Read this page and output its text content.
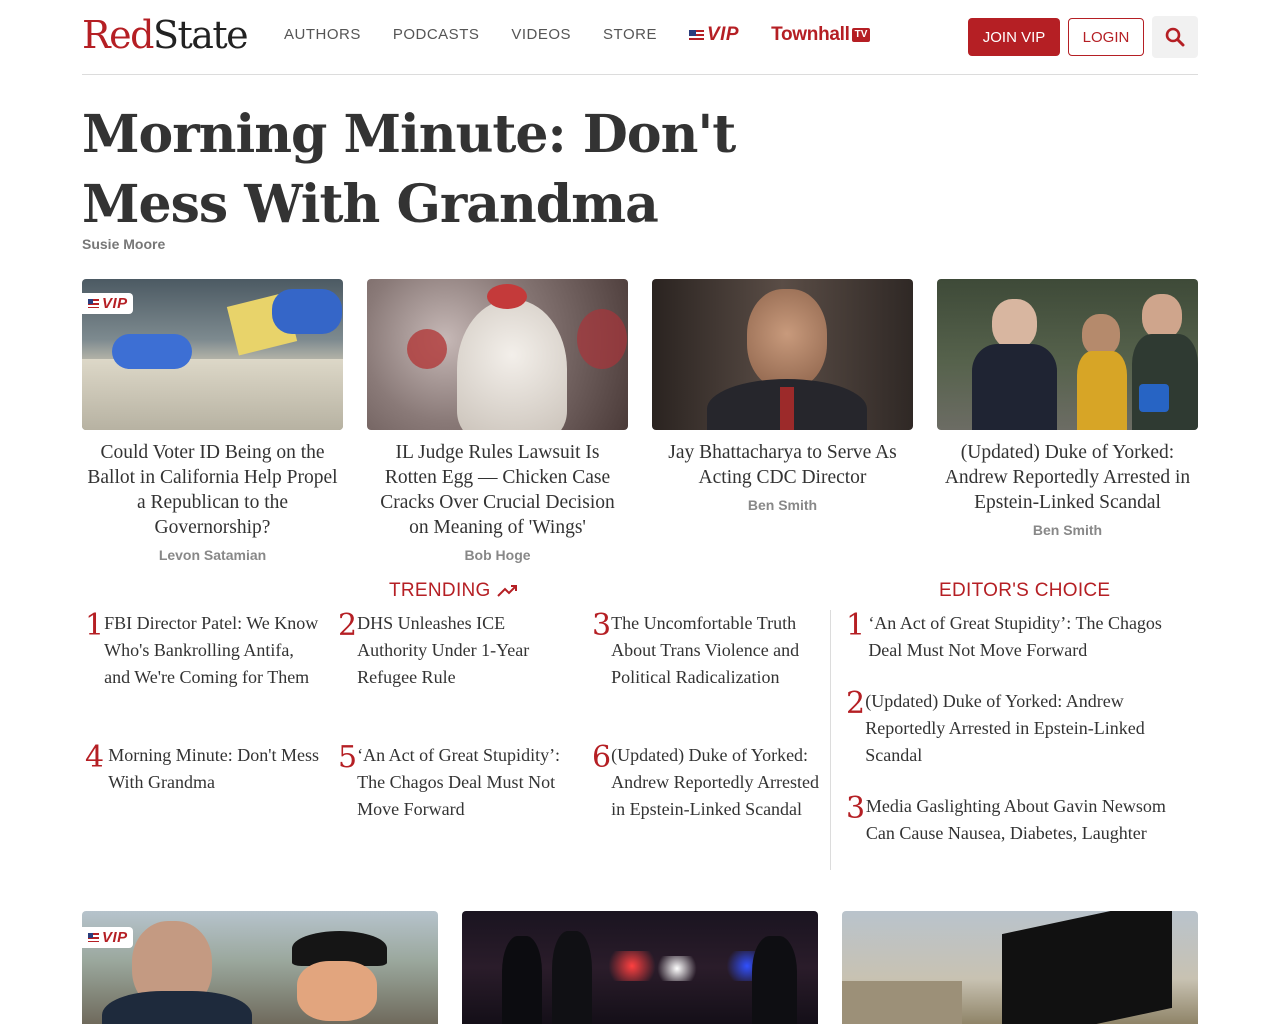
RedState AUTHORS PODCASTS VIDEOS STORE	VIP Townhall TV	JOIN VIP	LOGIN
Morning Minute: Don't Mess With Grandma
Susie Moore
VIP
Could Voter ID Being on the Ballot in California Help Propel a Republican to the Governorship?
Levon Satamian
IL Judge Rules Lawsuit Is Rotten Egg — Chicken Case Cracks Over Crucial Decision on Meaning of 'Wings'
Bob Hoge
Jay Bhattacharya to Serve As Acting CDC Director
Ben Smith
(Updated) Duke of Yorked: Andrew Reportedly Arrested in Epstein-Linked Scandal
Ben Smith
TRENDING	EDITOR'S CHOICE
1 FBI Director Patel: We Know Who's Bankrolling Antifa, and We're Coming for Them
2 DHS Unleashes ICE Authority Under 1-Year Refugee Rule
3 The Uncomfortable Truth About Trans Violence and Political Radicalization
4 Morning Minute: Don't Mess With Grandma
5 ‘An Act of Great Stupidity’: The Chagos Deal Must Not Move Forward
6 (Updated) Duke of Yorked: Andrew Reportedly Arrested in Epstein-Linked Scandal
1 ‘An Act of Great Stupidity’: The Chagos Deal Must Not Move Forward
2 (Updated) Duke of Yorked: Andrew Reportedly Arrested in Epstein-Linked Scandal
3 Media Gaslighting About Gavin Newsom Can Cause Nausea, Diabetes, Laughter
VIP
